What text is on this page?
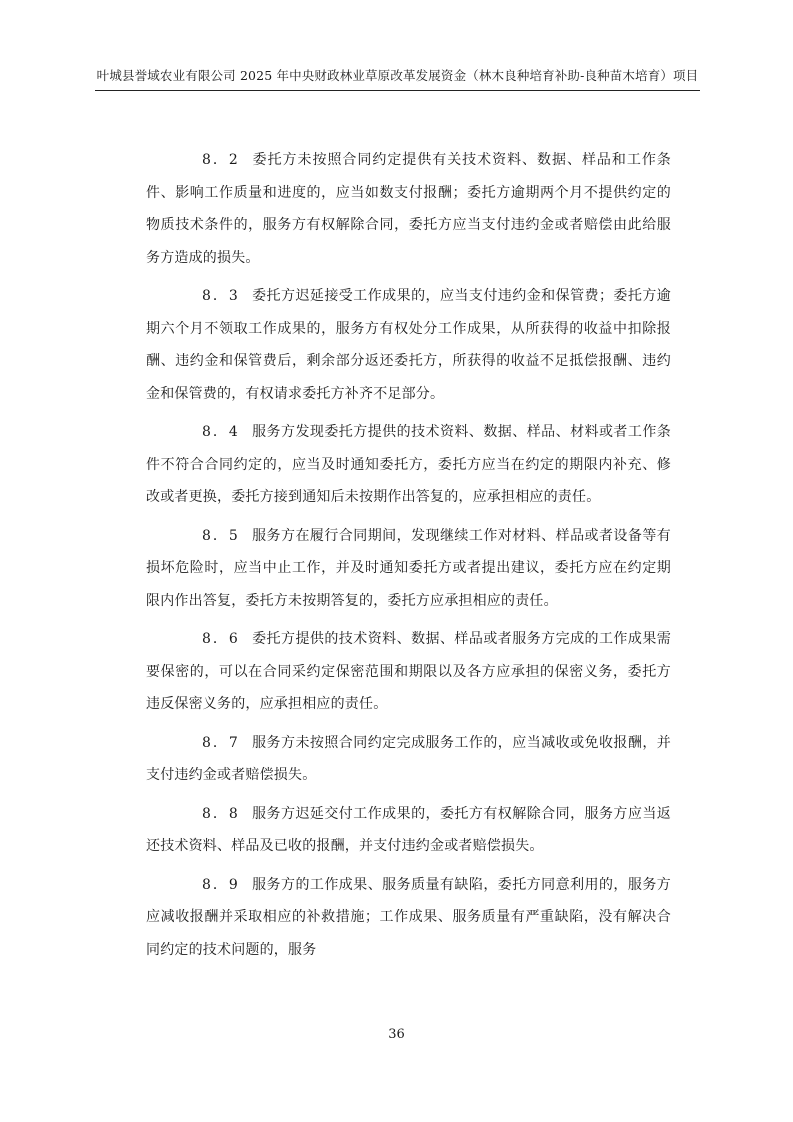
叶城县誉域农业有限公司 2025 年中央财政林业草原改革发展资金（林木良种培育补助-良种苗木培育）项目

8．2 委托方未按照合同约定提供有关技术资料、数据、样品和工作条件、影响工作质量和进度的，应当如数支付报酬；委托方逾期两个月不提供约定的物质技术条件的，服务方有权解除合同，委托方应当支付违约金或者赔偿由此给服务方造成的损失。

8．3 委托方迟延接受工作成果的，应当支付违约金和保管费；委托方逾期六个月不领取工作成果的，服务方有权处分工作成果，从所获得的收益中扣除报酬、违约金和保管费后，剩余部分返还委托方，所获得的收益不足抵偿报酬、违约金和保管费的，有权请求委托方补齐不足部分。

8．4 服务方发现委托方提供的技术资料、数据、样品、材料或者工作条件不符合合同约定的，应当及时通知委托方，委托方应当在约定的期限内补充、修改或者更换，委托方接到通知后未按期作出答复的，应承担相应的责任。

8．5 服务方在履行合同期间，发现继续工作对材料、样品或者设备等有损坏危险时，应当中止工作，并及时通知委托方或者提出建议，委托方应在约定期限内作出答复，委托方未按期答复的，委托方应承担相应的责任。

8．6 委托方提供的技术资料、数据、样品或者服务方完成的工作成果需要保密的，可以在合同采约定保密范围和期限以及各方应承担的保密义务，委托方违反保密义务的，应承担相应的责任。

8．7 服务方未按照合同约定完成服务工作的，应当减收或免收报酬，并支付违约金或者赔偿损失。

8．8 服务方迟延交付工作成果的，委托方有权解除合同，服务方应当返还技术资料、样品及已收的报酬，并支付违约金或者赔偿损失。

8．9 服务方的工作成果、服务质量有缺陷，委托方同意利用的，服务方应减收报酬并采取相应的补救措施；工作成果、服务质量有严重缺陷，没有解决合同约定的技术问题的，服务

36
